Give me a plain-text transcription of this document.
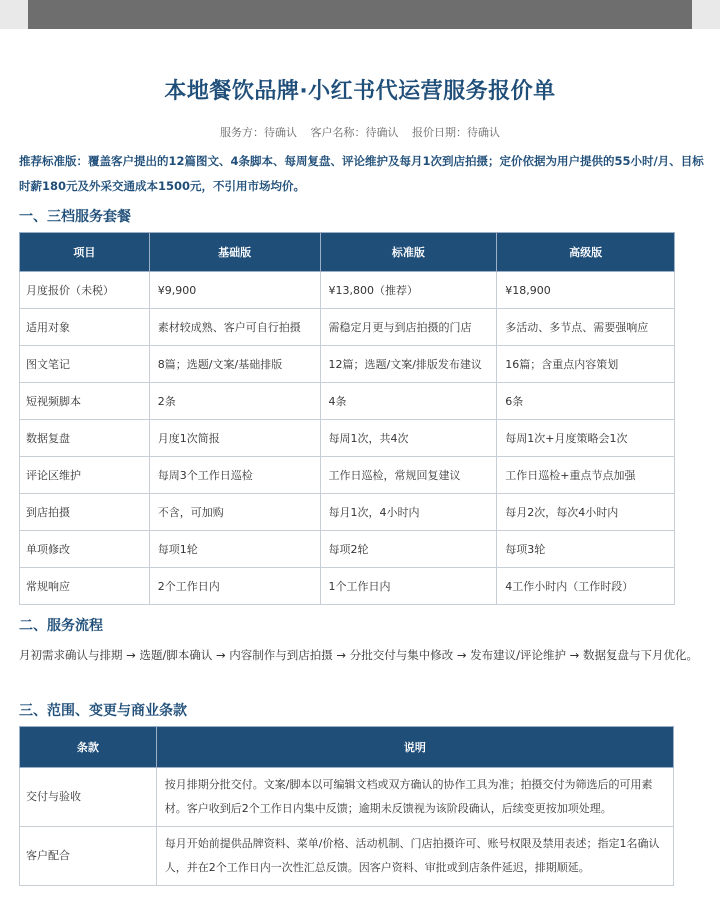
本地餐饮品牌·小红书代运营服务报价单
服务方：待确认 客户名称：待确认 报价日期：待确认
推荐标准版：覆盖客户提出的12篇图文、4条脚本、每周复盘、评论维护及每月1次到店拍摄；定价依据为用户提供的55小时/月、目标时薪180元及外采交通成本1500元，不引用市场均价。
一、三档服务套餐
项目	基础版	标准版	高级版
月度报价（未税）	¥9,900	¥13,800（推荐）	¥18,900
适用对象	素材较成熟、客户可自行拍摄	需稳定月更与到店拍摄的门店	多活动、多节点、需要强响应
图文笔记	8篇；选题/文案/基础排版	12篇；选题/文案/排版发布建议	16篇；含重点内容策划
短视频脚本	2条	4条	6条
数据复盘	月度1次简报	每周1次，共4次	每周1次+月度策略会1次
评论区维护	每周3个工作日巡检	工作日巡检，常规回复建议	工作日巡检+重点节点加强
到店拍摄	不含，可加购	每月1次，4小时内	每月2次，每次4小时内
单项修改	每项1轮	每项2轮	每项3轮
常规响应	2个工作日内	1个工作日内	4工作小时内（工作时段）
二、服务流程
月初需求确认与排期 → 选题/脚本确认 → 内容制作与到店拍摄 → 分批交付与集中修改 → 发布建议/评论维护 → 数据复盘与下月优化。
三、范围、变更与商业条款
条款	说明
交付与验收	按月排期分批交付。文案/脚本以可编辑文档或双方确认的协作工具为准；拍摄交付为筛选后的可用素材。客户收到后2个工作日内集中反馈；逾期未反馈视为该阶段确认，后续变更按加项处理。
客户配合	每月开始前提供品牌资料、菜单/价格、活动机制、门店拍摄许可、账号权限及禁用表述；指定1名确认人，并在2个工作日内一次性汇总反馈。因客户资料、审批或到店条件延迟，排期顺延。
